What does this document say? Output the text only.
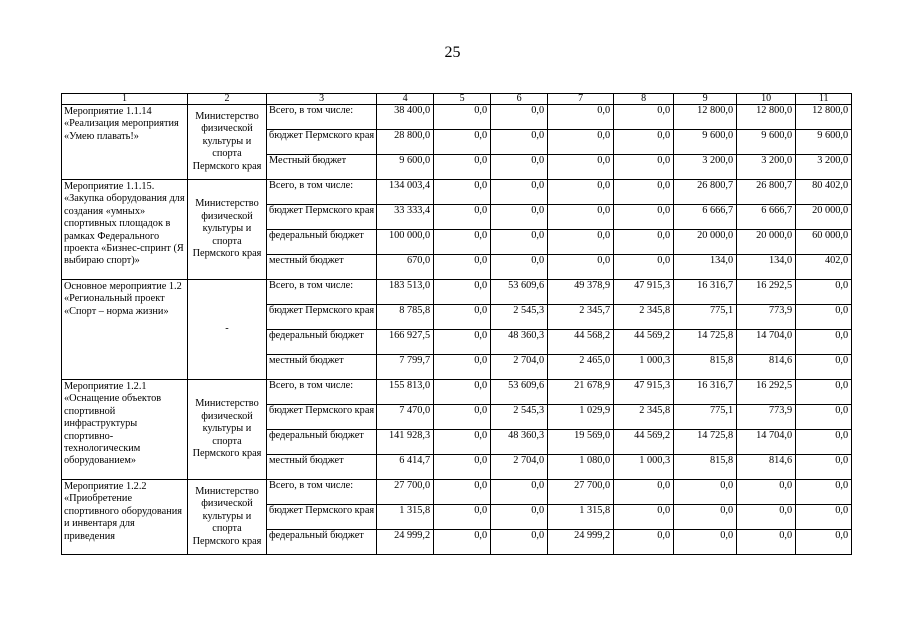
25
1	2	3	4	5	6	7	8	9	10	11
Мероприятие 1.1.14 «Реализация мероприятия «Умею плавать!»	Министерство физической культуры и спорта Пермского края	Всего, в том числе:	38 400,0	0,0	0,0	0,0	0,0	12 800,0	12 800,0	12 800,0
		бюджет Пермского края	28 800,0	0,0	0,0	0,0	0,0	9 600,0	9 600,0	9 600,0
		Местный бюджет	9 600,0	0,0	0,0	0,0	0,0	3 200,0	3 200,0	3 200,0
Мероприятие 1.1.15. «Закупка оборудования для создания «умных» спортивных площадок в рамках Федерального проекта «Бизнес-спринт (Я выбираю спорт)»	Министерство физической культуры и спорта Пермского края	Всего, в том числе:	134 003,4	0,0	0,0	0,0	0,0	26 800,7	26 800,7	80 402,0
		бюджет Пермского края	33 333,4	0,0	0,0	0,0	0,0	6 666,7	6 666,7	20 000,0
		федеральный бюджет	100 000,0	0,0	0,0	0,0	0,0	20 000,0	20 000,0	60 000,0
		местный бюджет	670,0	0,0	0,0	0,0	0,0	134,0	134,0	402,0
Основное мероприятие 1.2 «Региональный проект «Спорт – норма жизни»	-	Всего, в том числе:	183 513,0	0,0	53 609,6	49 378,9	47 915,3	16 316,7	16 292,5	0,0
		бюджет Пермского края	8 785,8	0,0	2 545,3	2 345,7	2 345,8	775,1	773,9	0,0
		федеральный бюджет	166 927,5	0,0	48 360,3	44 568,2	44 569,2	14 725,8	14 704,0	0,0
		местный бюджет	7 799,7	0,0	2 704,0	2 465,0	1 000,3	815,8	814,6	0,0
Мероприятие 1.2.1 «Оснащение объектов спортивной инфраструктуры спортивно-технологическим оборудованием»	Министерство физической культуры и спорта Пермского края	Всего, в том числе:	155 813,0	0,0	53 609,6	21 678,9	47 915,3	16 316,7	16 292,5	0,0
		бюджет Пермского края	7 470,0	0,0	2 545,3	1 029,9	2 345,8	775,1	773,9	0,0
		федеральный бюджет	141 928,3	0,0	48 360,3	19 569,0	44 569,2	14 725,8	14 704,0	0,0
		местный бюджет	6 414,7	0,0	2 704,0	1 080,0	1 000,3	815,8	814,6	0,0
Мероприятие 1.2.2 «Приобретение спортивного оборудования и инвентаря для приведения	Министерство физической культуры и спорта Пермского края	Всего, в том числе:	27 700,0	0,0	0,0	27 700,0	0,0	0,0	0,0	0,0
		бюджет Пермского края	1 315,8	0,0	0,0	1 315,8	0,0	0,0	0,0	0,0
		федеральный бюджет	24 999,2	0,0	0,0	24 999,2	0,0	0,0	0,0	0,0
